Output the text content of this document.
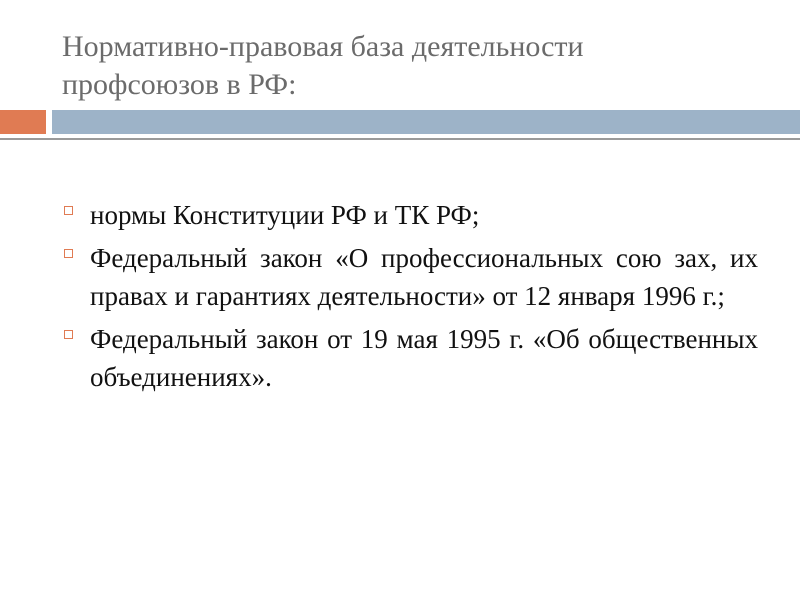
Нормативно-правовая база деятельности
профсоюзов в РФ:
нормы Конституции РФ и ТК РФ;
Федеральный закон «О профессиональных сою зах, их правах и гарантиях деятельности» от 12 января 1996 г.;
Федеральный закон от 19 мая 1995 г. «Об общественных объединениях».
